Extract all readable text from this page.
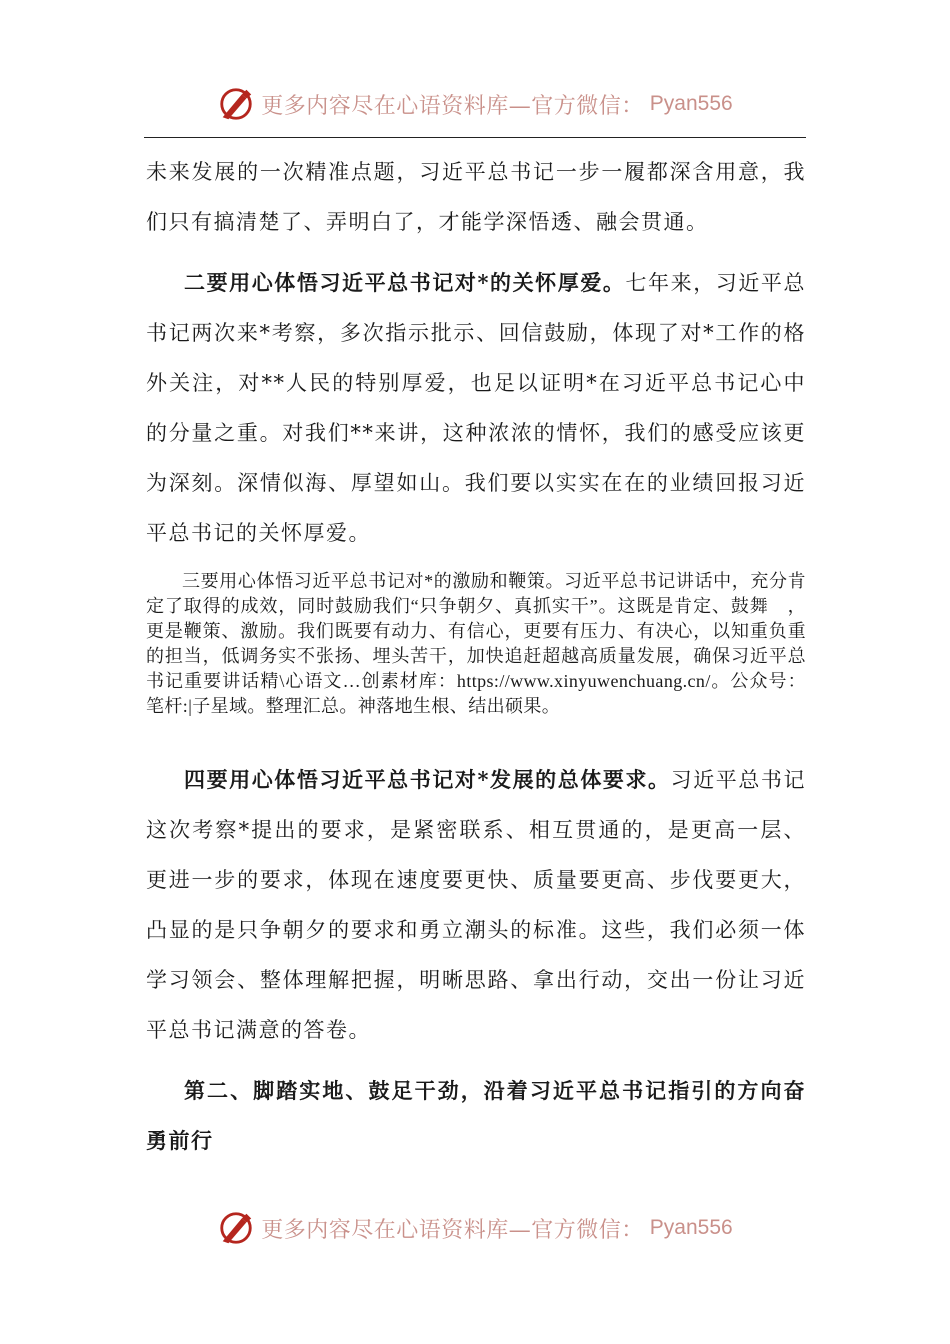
更多内容尽在心语资料库—官方微信： Pyan556

未来发展的一次精准点题，习近平总书记一步一履都深含用意，我们只有搞清楚了、弄明白了，才能学深悟透、融会贯通。

二要用心体悟习近平总书记对*的关怀厚爱。七年来，习近平总书记两次来*考察，多次指示批示、回信鼓励，体现了对*工作的格外关注，对**人民的特别厚爱，也足以证明*在习近平总书记心中的分量之重。对我们**来讲，这种浓浓的情怀，我们的感受应该更为深刻。深情似海、厚望如山。我们要以实实在在的业绩回报习近平总书记的关怀厚爱。

三要用心体悟习近平总书记对*的激励和鞭策。习近平总书记讲话中，充分肯定了取得的成效，同时鼓励我们“只争朝夕、真抓实干”。这既是肯定、鼓舞　，更是鞭策、激励。我们既要有动力、有信心，更要有压力、有决心，以知重负重的担当，低调务实不张扬、埋头苦干，加快追赶超越高质量发展，确保习近平总书记重要讲话精\心语文…创素材库：https://www.xinyuwenchuang.cn/。公众号：笔杆:|子星域。整理汇总。神落地生根、结出硕果。

四要用心体悟习近平总书记对*发展的总体要求。习近平总书记这次考察*提出的要求，是紧密联系、相互贯通的，是更高一层、更进一步的要求，体现在速度要更快、质量要更高、步伐要更大，凸显的是只争朝夕的要求和勇立潮头的标准。这些，我们必须一体学习领会、整体理解把握，明晰思路、拿出行动，交出一份让习近平总书记满意的答卷。

第二、脚踏实地、鼓足干劲，沿着习近平总书记指引的方向奋勇前行

更多内容尽在心语资料库—官方微信： Pyan556
